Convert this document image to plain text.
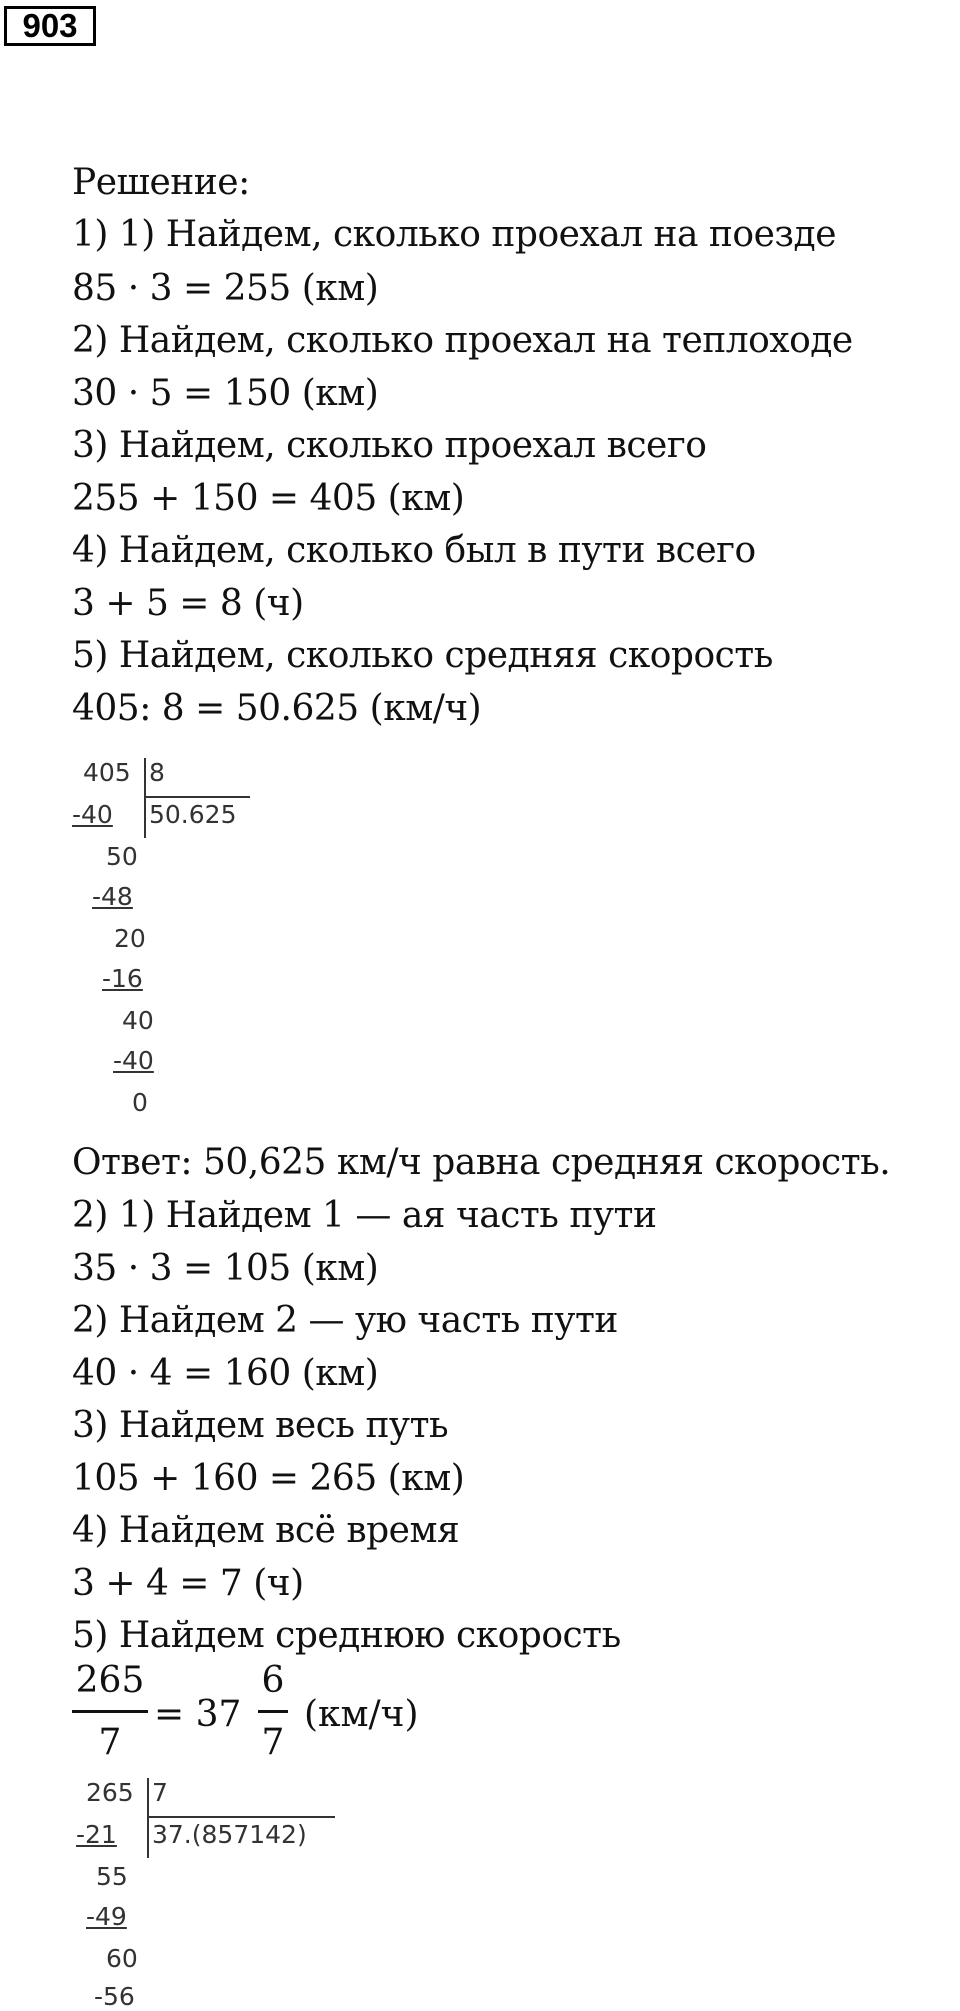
903
Решение:
1) 1) Найдем, сколько проехал на поезде
85 · 3 = 255 (км)
2) Найдем, сколько проехал на теплоходе
30 · 5 = 150 (км)
3) Найдем, сколько проехал всего
255 + 150 = 405 (км)
4) Найдем, сколько был в пути всего
3 + 5 = 8 (ч)
5) Найдем, сколько средняя скорость
405: 8 = 50.625 (км/ч)
405 8
50.625
-40
50
-48
20
-16
40
-40
0
Ответ: 50,625 км/ч равна средняя скорость.
2) 1) Найдем 1 — ая часть пути
35 · 3 = 105 (км)
2) Найдем 2 — ую часть пути
40 · 4 = 160 (км)
3) Найдем весь путь
105 + 160 = 265 (км)
4) Найдем всё время
3 + 4 = 7 (ч)
5) Найдем среднюю скорость
265
7
= 37
6
7
(км/ч)
265 7
37.(857142)
-21
55
-49
60
-56
